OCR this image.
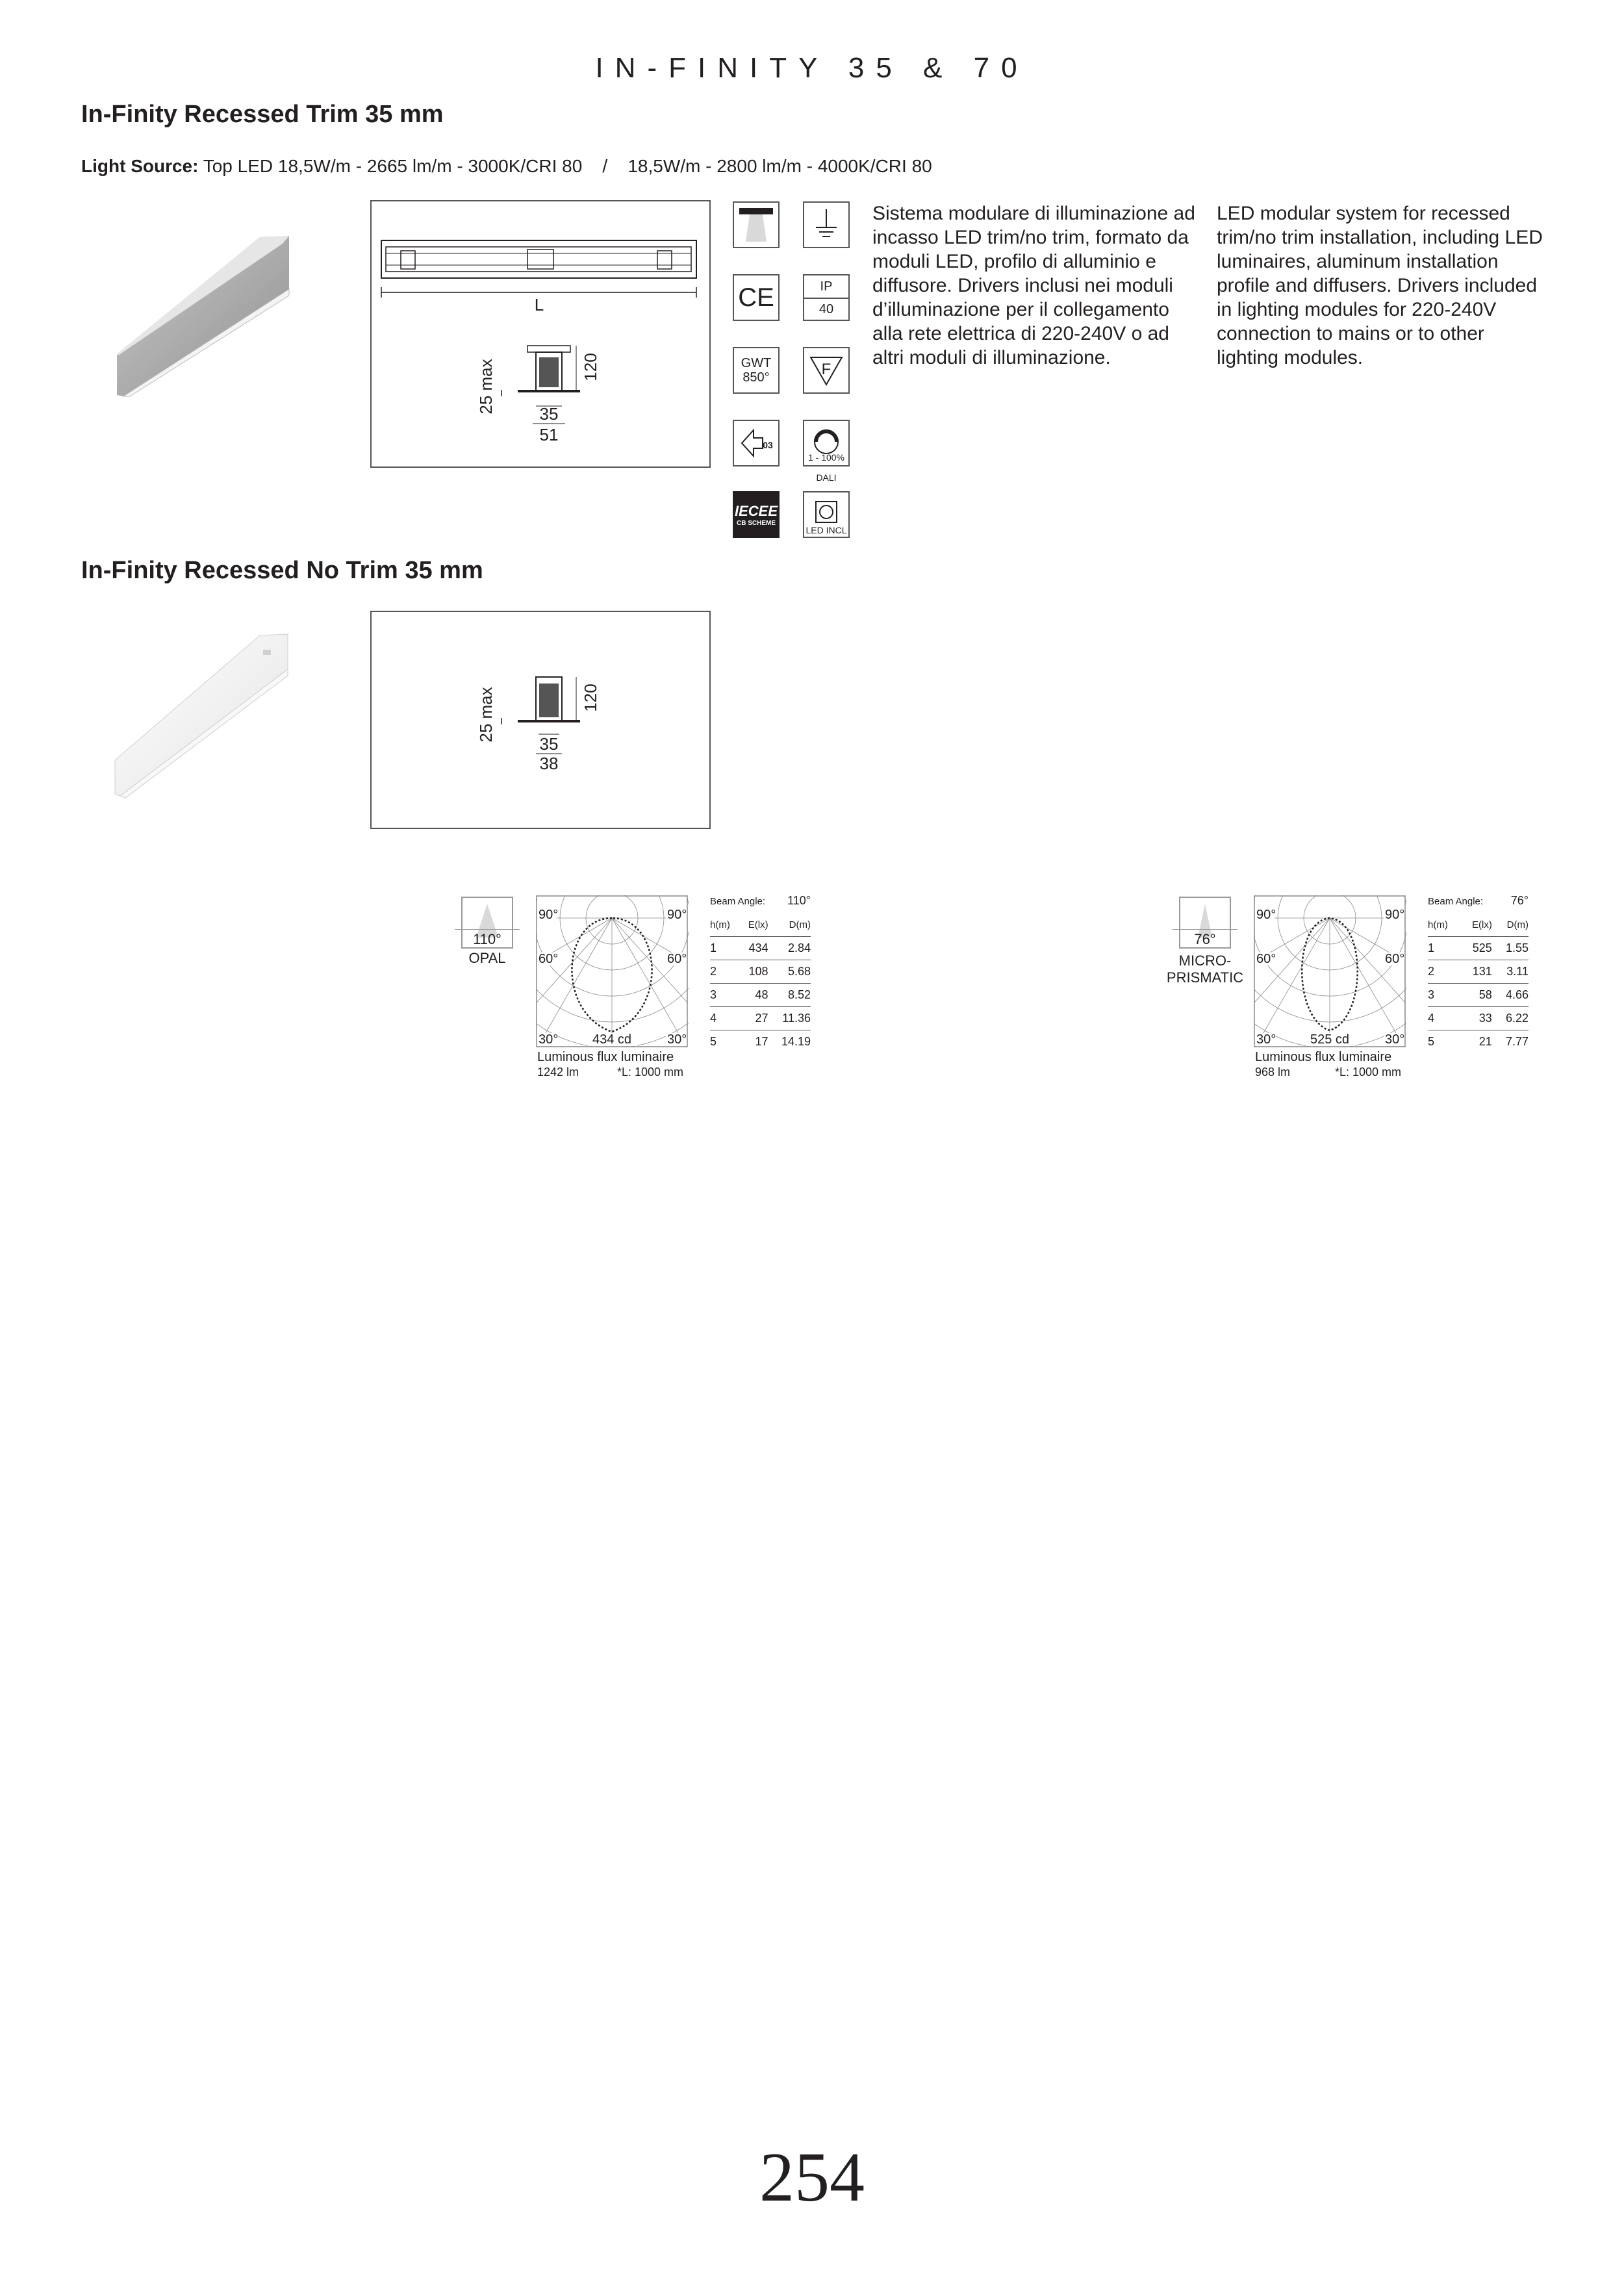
IN-FINITY 35 & 70
In-Finity Recessed Trim 35 mm
Light Source: Top LED 18,5W/m - 2665 lm/m - 3000K/CRI 80    /    18,5W/m - 2800 lm/m - 4000K/CRI 80
L
120
25 max	35
51
CE	IP
40
GWT
850°	F
03
1 - 100%
DALI
IECEE
CB SCHEME
LED INCL
Sistema modulare di illuminazione ad incasso LED trim/no trim, formato da moduli LED, profilo di alluminio e diffusore. Drivers inclusi nei moduli d’illuminazione per il collegamento alla rete elettrica di 220-240V o ad altri moduli di illuminazione.
LED modular system for recessed trim/no trim installation, including LED luminaires, aluminum installation profile and diffusers. Drivers included in lighting modules for 220-240V connection to mains or to other lighting modules.
In-Finity Recessed No Trim 35 mm
120
25 max
35
38
110°
OPAL
90°	90°
60°	60°
30°	30°
434 cd
Luminous flux luminaire
1242 lm	*L: 1000 mm
Beam Angle: 110°
h(m)	E(lx)	D(m)
1	434	2.84
2	108	5.68
3	48	8.52
4	27	11.36
5	17	14.19
76°
MICRO-
PRISMATIC
90°	90°
60°	60°
30°	30°
525 cd
Luminous flux luminaire
968 lm	*L: 1000 mm
Beam Angle: 76°
h(m)	E(lx)	D(m)
1	525	1.55
2	131	3.11
3	58	4.66
4	33	6.22
5	21	7.77
254
